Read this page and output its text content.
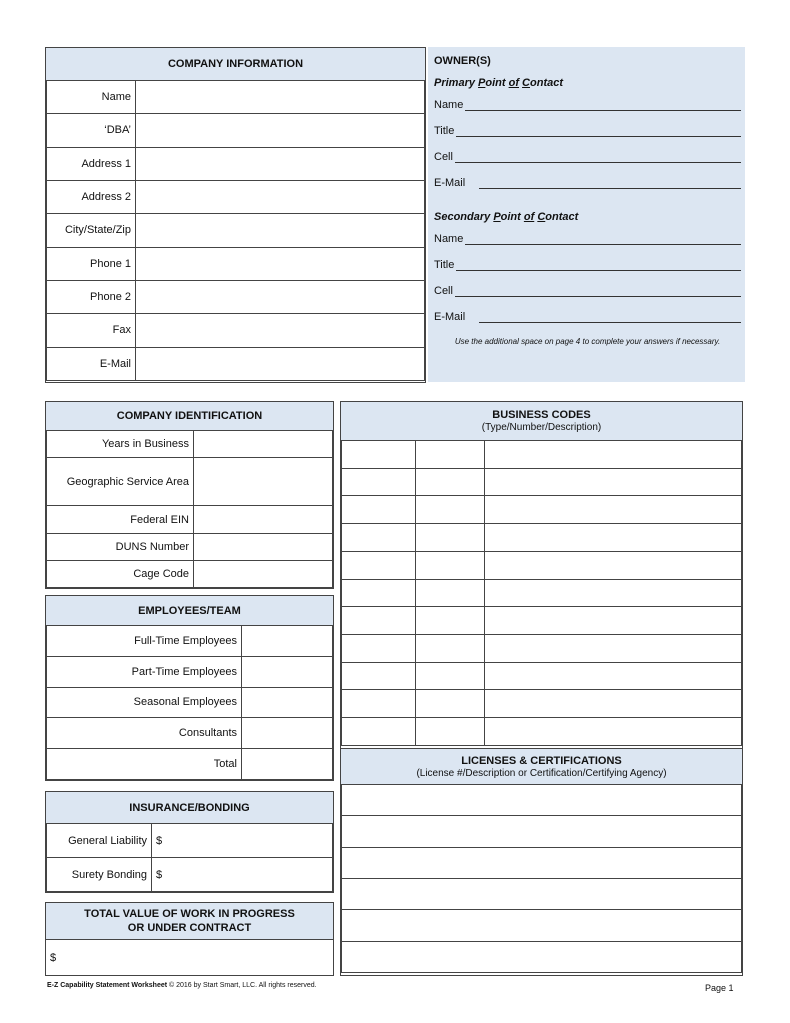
COMPANY INFORMATION
Name	
‘DBA’	
Address 1	
Address 2	
City/State/Zip	
Phone 1	
Phone 2	
Fax	
E-Mail	
OWNER(S)
Primary Point of Contact
Name
Title
Cell
E-Mail
Secondary Point of Contact
Name
Title
Cell
E-Mail
Use the additional space on page 4 to complete your answers if necessary.
COMPANY IDENTIFICATION
Years in Business	
Geographic Service Area	
Federal EIN	
DUNS Number	
Cage Code	
EMPLOYEES/TEAM
Full-Time Employees	
Part-Time Employees	
Seasonal Employees	
Consultants	
Total	
INSURANCE/BONDING
General Liability	$
Surety Bonding	$
TOTAL VALUE OF WORK IN PROGRESS
OR UNDER CONTRACT
$
BUSINESS CODES
(Type/Number/Description)

LICENSES & CERTIFICATIONS
(License #/Description or Certification/Certifying Agency)

E-Z Capability Statement Worksheet © 2016 by Start Smart, LLC. All rights reserved.	Page 1
